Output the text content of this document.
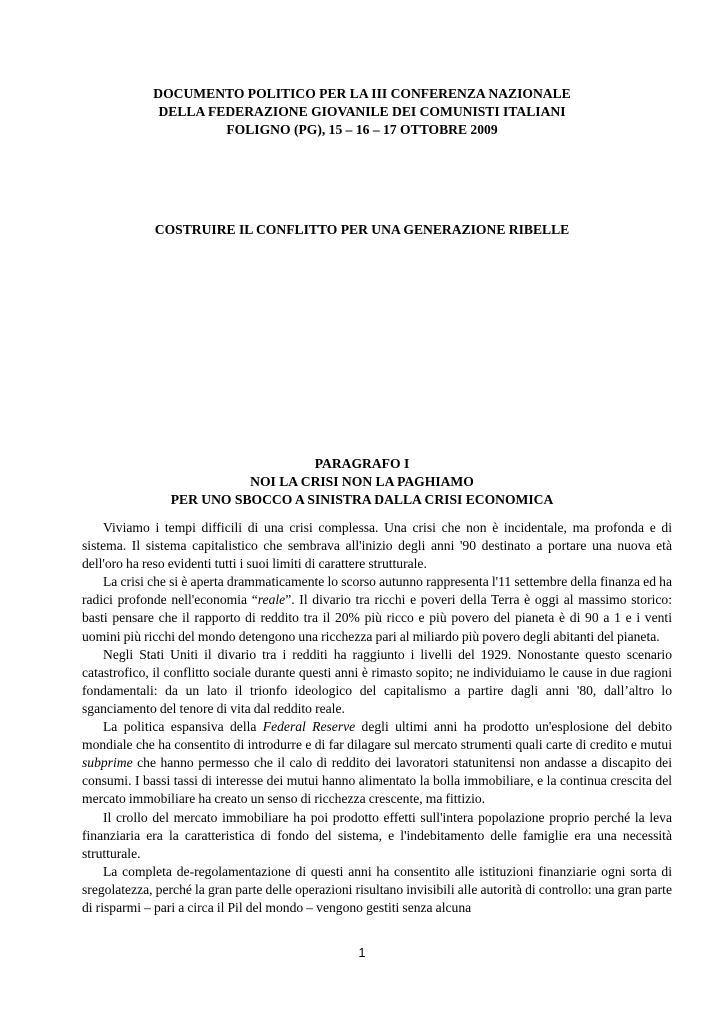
DOCUMENTO POLITICO PER LA III CONFERENZA NAZIONALE
DELLA FEDERAZIONE GIOVANILE DEI COMUNISTI ITALIANI
FOLIGNO (PG), 15 – 16 – 17 OTTOBRE 2009
COSTRUIRE IL CONFLITTO PER UNA GENERAZIONE RIBELLE
PARAGRAFO I
NOI LA CRISI NON LA PAGHIAMO
PER UNO SBOCCO A SINISTRA DALLA CRISI ECONOMICA

Viviamo i tempi difficili di una crisi complessa. Una crisi che non è incidentale, ma profonda e di sistema. Il sistema capitalistico che sembrava all'inizio degli anni '90 destinato a portare una nuova età dell'oro ha reso evidenti tutti i suoi limiti di carattere strutturale.

La crisi che si è aperta drammaticamente lo scorso autunno rappresenta l'11 settembre della finanza ed ha radici profonde nell'economia “reale”. Il divario tra ricchi e poveri della Terra è oggi al massimo storico: basti pensare che il rapporto di reddito tra il 20% più ricco e più povero del pianeta è di 90 a 1 e i venti uomini più ricchi del mondo detengono una ricchezza pari al miliardo più povero degli abitanti del pianeta.

Negli Stati Uniti il divario tra i redditi ha raggiunto i livelli del 1929. Nonostante questo scenario catastrofico, il conflitto sociale durante questi anni è rimasto sopito; ne individuiamo le cause in due ragioni fondamentali: da un lato il trionfo ideologico del capitalismo a partire dagli anni '80, dall’altro lo sganciamento del tenore di vita dal reddito reale.

La politica espansiva della Federal Reserve degli ultimi anni ha prodotto un'esplosione del debito mondiale che ha consentito di introdurre e di far dilagare sul mercato strumenti quali carte di credito e mutui subprime che hanno permesso che il calo di reddito dei lavoratori statunitensi non andasse a discapito dei consumi. I bassi tassi di interesse dei mutui hanno alimentato la bolla immobiliare, e la continua crescita del mercato immobiliare ha creato un senso di ricchezza crescente, ma fittizio.

Il crollo del mercato immobiliare ha poi prodotto effetti sull'intera popolazione proprio perché la leva finanziaria era la caratteristica di fondo del sistema, e l'indebitamento delle famiglie era una necessità strutturale.

La completa de-regolamentazione di questi anni ha consentito alle istituzioni finanziarie ogni sorta di sregolatezza, perché la gran parte delle operazioni risultano invisibili alle autorità di controllo: una gran parte di risparmi – pari a circa il Pil del mondo – vengono gestiti senza alcuna

1
